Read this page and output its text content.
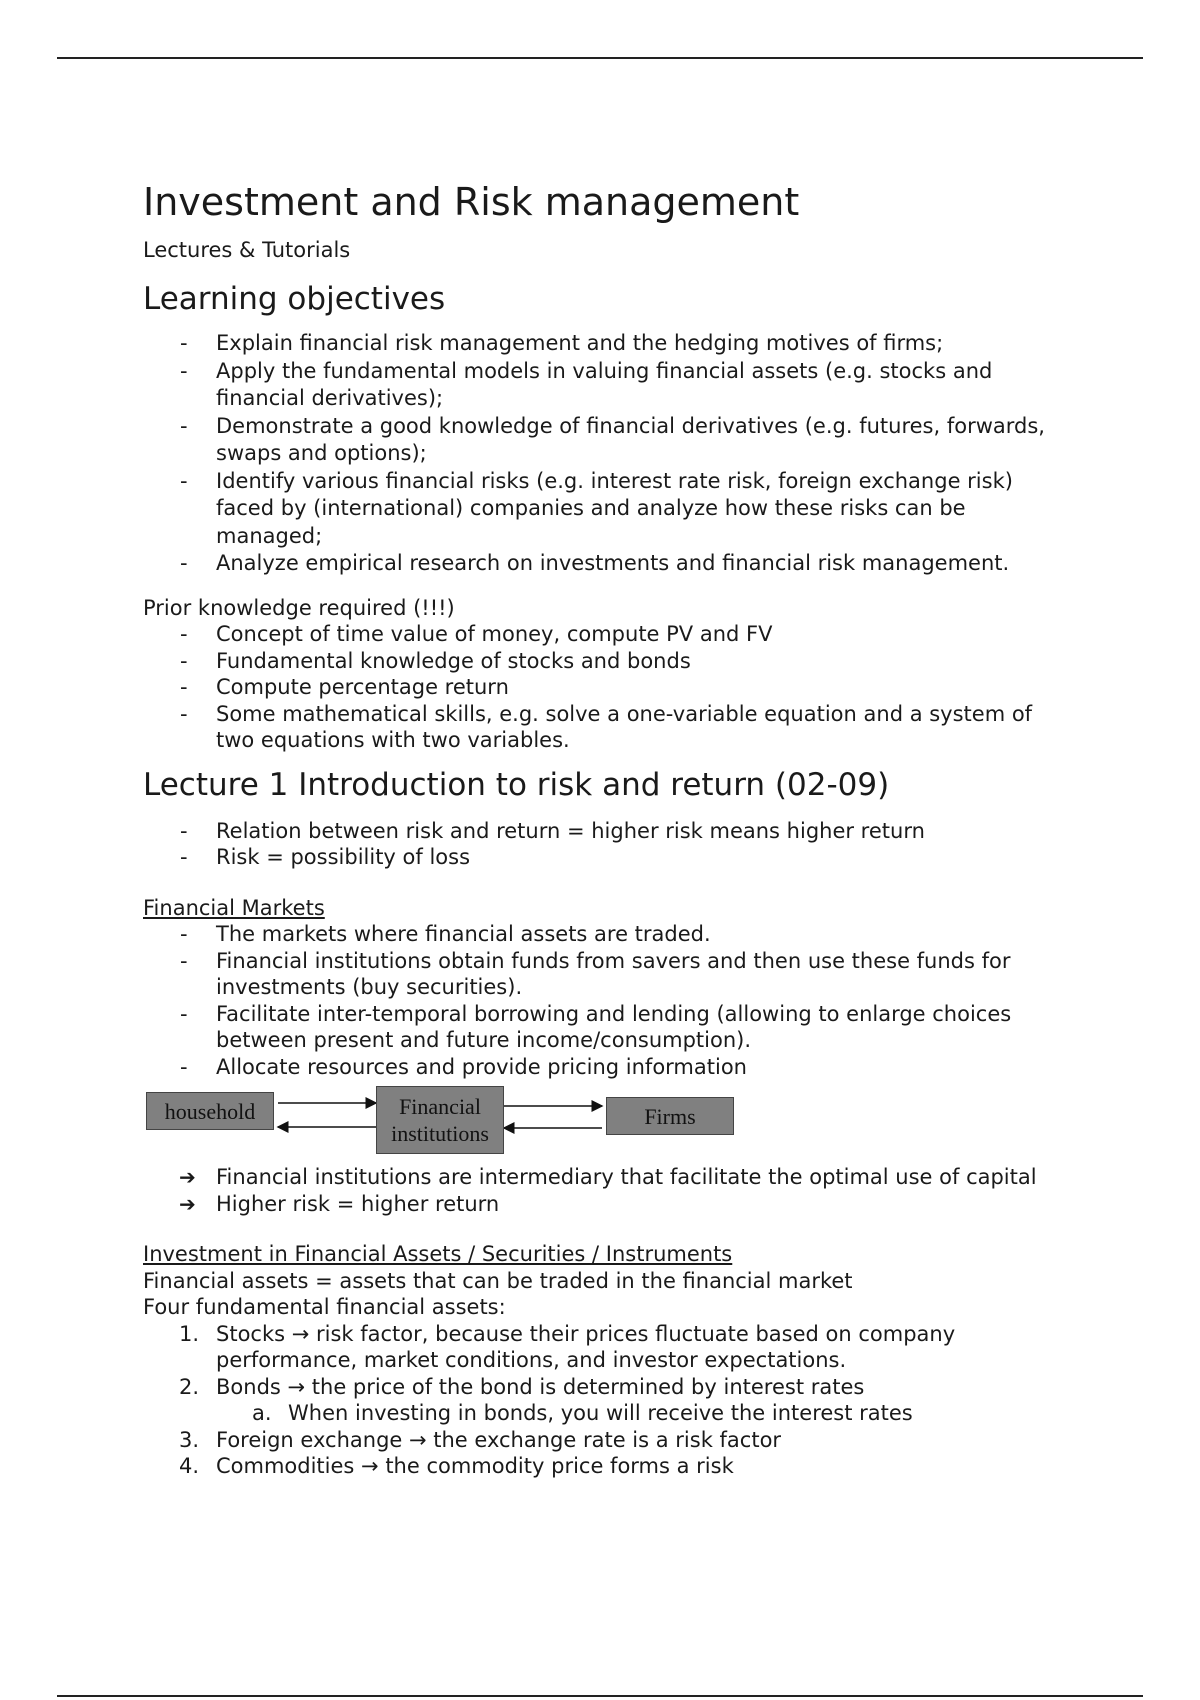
Investment and Risk management
Lectures & Tutorials
Learning objectives
- Explain financial risk management and the hedging motives of firms;
- Apply the fundamental models in valuing financial assets (e.g. stocks and financial derivatives);
- Demonstrate a good knowledge of financial derivatives (e.g. futures, forwards, swaps and options);
- Identify various financial risks (e.g. interest rate risk, foreign exchange risk) faced by (international) companies and analyze how these risks can be managed;
- Analyze empirical research on investments and financial risk management.
Prior knowledge required (!!!)
- Concept of time value of money, compute PV and FV
- Fundamental knowledge of stocks and bonds
- Compute percentage return
- Some mathematical skills, e.g. solve a one-variable equation and a system of two equations with two variables.
Lecture 1 Introduction to risk and return (02-09)
- Relation between risk and return = higher risk means higher return
- Risk = possibility of loss
Financial Markets
- The markets where financial assets are traded.
- Financial institutions obtain funds from savers and then use these funds for investments (buy securities).
- Facilitate inter-temporal borrowing and lending (allowing to enlarge choices between present and future income/consumption).
- Allocate resources and provide pricing information
household	Financial
institutions
Firms
➔ Financial institutions are intermediary that facilitate the optimal use of capital
➔ Higher risk = higher return
Investment in Financial Assets / Securities / Instruments
Financial assets = assets that can be traded in the financial market
Four fundamental financial assets:
1. Stocks → risk factor, because their prices fluctuate based on company performance, market conditions, and investor expectations.
2. Bonds → the price of the bond is determined by interest rates
a. When investing in bonds, you will receive the interest rates
3. Foreign exchange → the exchange rate is a risk factor
4. Commodities → the commodity price forms a risk
